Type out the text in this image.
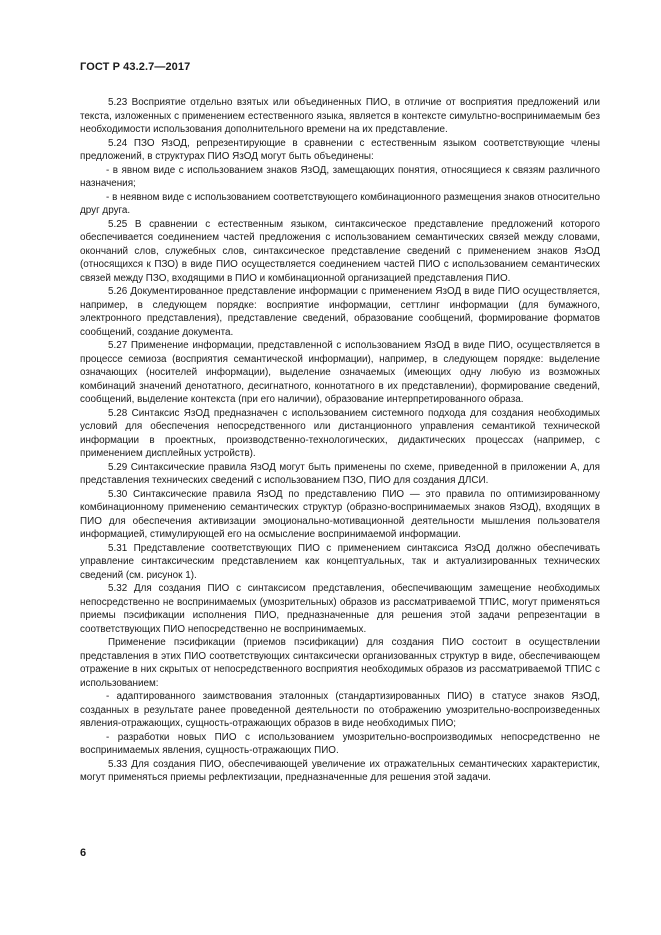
ГОСТ Р 43.2.7—2017

5.23 Восприятие отдельно взятых или объединенных ПИО, в отличие от восприятия предложений или текста, изложенных с применением естественного языка, является в контексте симультно-воспринимаемым без необходимости использования дополнительного времени на их представление.

5.24 ПЗО ЯзОД, репрезентирующие в сравнении с естественным языком соответствующие члены предложений, в структурах ПИО ЯзОД могут быть объединены:

- в явном виде с использованием знаков ЯзОД, замещающих понятия, относящиеся к связям различного назначения;

- в неявном виде с использованием соответствующего комбинационного размещения знаков относительно друг друга.

5.25 В сравнении с естественным языком, синтаксическое представление предложений которого обеспечивается соединением частей предложения с использованием семантических связей между словами, окончаний слов, служебных слов, синтаксическое представление сведений с применением знаков ЯзОД (относящихся к ПЗО) в виде ПИО осуществляется соединением частей ПИО с использованием семантических связей между ПЗО, входящими в ПИО и комбинационной организацией представления ПИО.

5.26 Документированное представление информации с применением ЯзОД в виде ПИО осуществляется, например, в следующем порядке: восприятие информации, сеттлинг информации (для бумажного, электронного представления), представление сведений, образование сообщений, формирование форматов сообщений, создание документа.

5.27 Применение информации, представленной с использованием ЯзОД в виде ПИО, осуществляется в процессе семиоза (восприятия семантической информации), например, в следующем порядке: выделение означающих (носителей информации), выделение означаемых (имеющих одну любую из возможных комбинаций значений денотатного, десигнатного, коннотатного в их представлении), формирование сведений, сообщений, выделение контекста (при его наличии), образование интерпретированного образа.

5.28 Синтаксис ЯзОД предназначен с использованием системного подхода для создания необходимых условий для обеспечения непосредственного или дистанционного управления семантикой технической информации в проектных, производственно-технологических, дидактических процессах (например, с применением дисплейных устройств).

5.29 Синтаксические правила ЯзОД могут быть применены по схеме, приведенной в приложении А, для представления технических сведений с использованием ПЗО, ПИО для создания ДЛСИ.

5.30 Синтаксические правила ЯзОД по представлению ПИО — это правила по оптимизированному комбинационному применению семантических структур (образно-воспринимаемых знаков ЯзОД), входящих в ПИО для обеспечения активизации эмоционально-мотивационной деятельности мышления пользователя информацией, стимулирующей его на осмысление воспринимаемой информации.

5.31 Представление соответствующих ПИО с применением синтаксиса ЯзОД должно обеспечивать управление синтаксическим представлением как концептуальных, так и актуализированных технических сведений (см. рисунок 1).

5.32 Для создания ПИО с синтаксисом представления, обеспечивающим замещение необходимых непосредственно не воспринимаемых (умозрительных) образов из рассматриваемой ТПИС, могут применяться приемы пэсификации исполнения ПИО, предназначенные для решения этой задачи репрезентации в соответствующих ПИО непосредственно не воспринимаемых.

Применение пэсификации (приемов пэсификации) для создания ПИО состоит в осуществлении представления в этих ПИО соответствующих синтаксически организованных структур в виде, обеспечивающем отражение в них скрытых от непосредственного восприятия необходимых образов из рассматриваемой ТПИС с использованием:

- адаптированного заимствования эталонных (стандартизированных ПИО) в статусе знаков ЯзОД, созданных в результате ранее проведенной деятельности по отображению умозрительно-воспроизведенных явления-отражающих, сущность-отражающих образов в виде необходимых ПИО;

- разработки новых ПИО с использованием умозрительно-воспроизводимых непосредственно не воспринимаемых явления, сущность-отражающих ПИО.

5.33 Для создания ПИО, обеспечивающей увеличение их отражательных семантических характеристик, могут применяться приемы рефлектизации, предназначенные для решения этой задачи.

6
